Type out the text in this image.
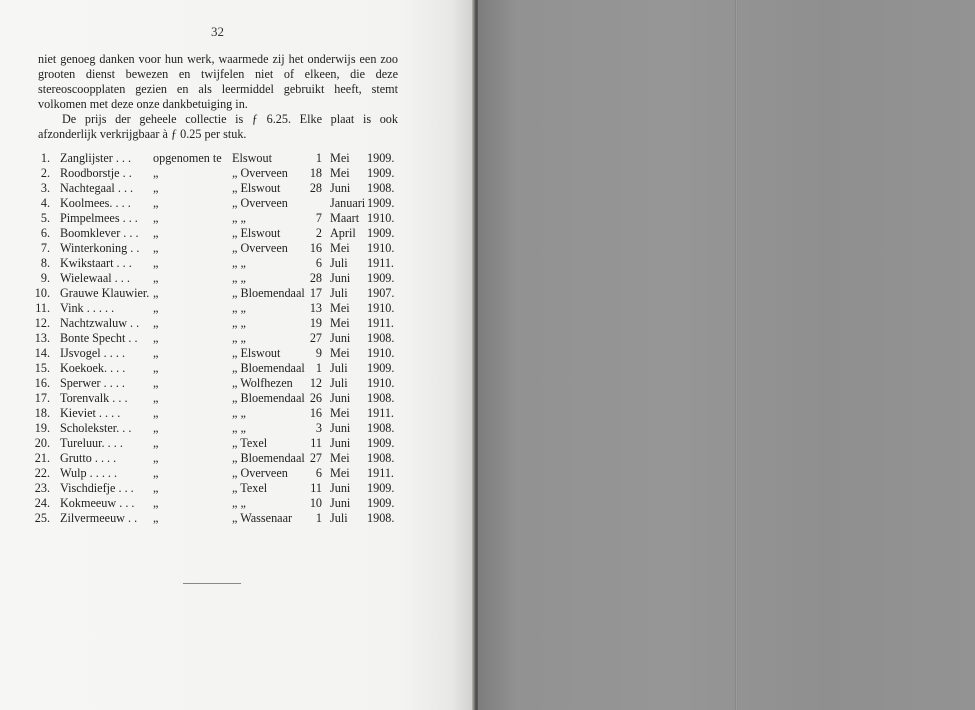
32

niet genoeg danken voor hun werk, waarmede zij het onderwijs een zoo grooten dienst bewezen en twijfelen niet of elkeen, die deze stereoscoopplaten gezien en als leermiddel gebruikt heeft, stemt volkomen met deze onze dankbetuiging in.

De prijs der geheele collectie is ƒ 6.25. Elke plaat is ook afzonderlijk verkrijgbaar à ƒ 0.25 per stuk.

1. Zanglijster . . . opgenomen te Elswout	1 Mei 1909.
2. Roodborstje . . „	„ Overveen	18 Mei 1909.
3. Nachtegaal . . . „	„ Elswout	28 Juni 1908.
4. Koolmees. . . . „	„ Overveen	Januari 1909.
5. Pimpelmees . . . „	„ „	7 Maart 1910.
6. Boomklever . . . „	„ Elswout	2 April 1909.
7. Winterkoning . . „	„ Overveen	16 Mei 1910.
8. Kwikstaart . . . „	„ „	6 Juli 1911.
9. Wielewaal . . . „	„ „	28 Juni 1909.
10. Grauwe Klauwier. „	„ Bloemendaal 17 Juli 1907.
11. Vink . . . . .	„	„ „	13 Mei 1910.
12. Nachtzwaluw . . „	„ „	19 Mei 1911.
13. Bonte Specht . . „	„ „	27 Juni 1908.
14. IJsvogel . . . . „	„ Elswout	9 Mei 1910.
15. Koekoek. . . . „	„ Bloemendaal 1 Juli 1909.
16. Sperwer . . . . „	„ Wolfhezen	12 Juli 1910.
17. Torenvalk . . . „	„ Bloemendaal 26 Juni 1908.
18. Kieviet . . . .	„	„ „	16 Mei 1911.
19. Scholekster. . . „	„ „	3 Juni 1908.
20. Tureluur. . . . „	„ Texel	11 Juni 1909.
21. Grutto . . . .	„	„ Bloemendaal 27 Mei 1908.
22. Wulp . . . . .	„	„ Overveen	6 Mei 1911.
23. Vischdiefje . . . „	„ Texel	11 Juni 1909.
24. Kokmeeuw . . . „	„ „	10 Juni 1909.
25. Zilvermeeuw . . „	„ Wassenaar	1 Juli 1908.
